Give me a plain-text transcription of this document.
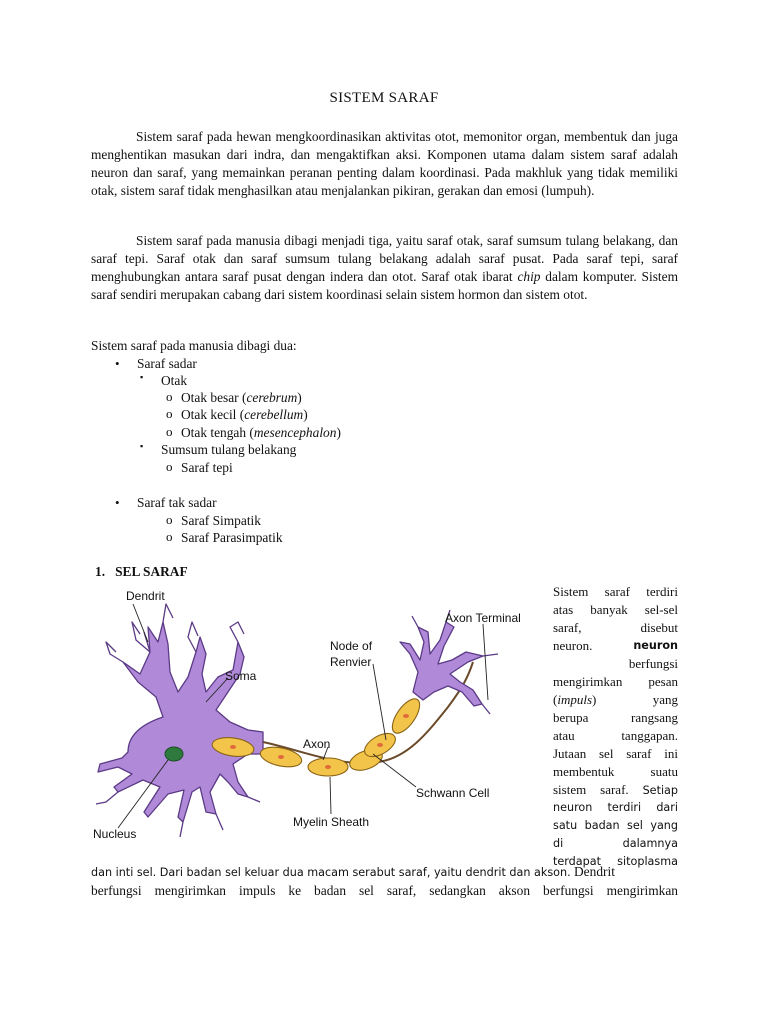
SISTEM SARAF
Sistem saraf pada hewan mengkoordinasikan aktivitas otot, memonitor organ, membentuk dan juga menghentikan masukan dari indra, dan mengaktifkan aksi. Komponen utama dalam sistem saraf adalah neuron dan saraf, yang memainkan peranan penting dalam koordinasi. Pada makhluk yang tidak memiliki otak, sistem saraf tidak menghasilkan atau menjalankan pikiran, gerakan dan emosi (lumpuh).
Sistem saraf pada manusia dibagi menjadi tiga, yaitu saraf otak, saraf sumsum tulang belakang, dan saraf tepi. Saraf otak dan saraf sumsum tulang belakang adalah saraf pusat. Pada saraf tepi, saraf menghubungkan antara saraf pusat dengan indera dan otot. Saraf otak ibarat chip dalam komputer. Sistem saraf sendiri merupakan cabang dari sistem koordinasi selain sistem hormon dan sistem otot.
Sistem saraf pada manusia dibagi dua:
• Saraf sadar
▪ Otak
o Otak besar (cerebrum)
o Otak kecil (cerebellum)
o Otak tengah (mesencephalon)
▪ Sumsum tulang belakang
o Saraf tepi
• Saraf tak sadar
o Saraf Simpatik
o Saraf Parasimpatik
1.   SEL SARAF
Dendrit
Soma
Nucleus
Node of
Renvier
Axon
Axon Terminal
Schwann Cell
Myelin Sheath
Sistem saraf terdiri
atas banyak sel-sel
saraf,        disebut
neuron.	neuron
berfungsi
mengirimkan pesan
(impuls)          yang
berupa      rangsang
atau        tanggapan.
Jutaan sel saraf ini
membentuk      suatu
sistem saraf. Setiap
neuron terdiri dari
satu badan sel yang
di           dalamnya
terdapat sitoplasma
dan inti sel. Dari badan sel keluar dua macam serabut saraf, yaitu dendrit dan akson. Dendrit
berfungsi mengirimkan impuls ke badan sel saraf, sedangkan akson berfungsi mengirimkan
